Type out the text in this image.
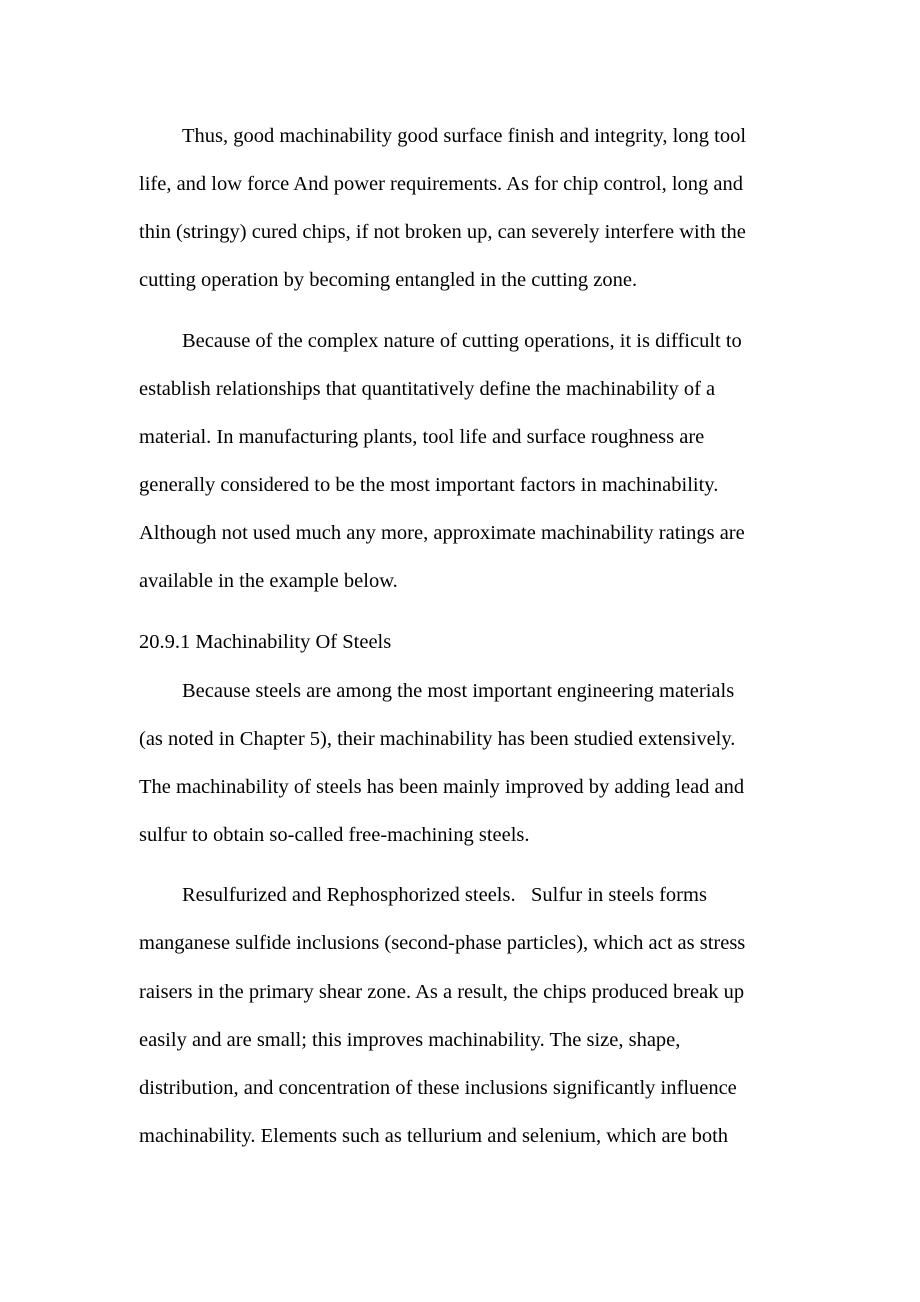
Thus, good machinability good surface finish and integrity, long tool

life, and low force And power requirements. As for chip control, long and

thin (stringy) cured chips, if not broken up, can severely interfere with the

cutting operation by becoming entangled in the cutting zone.

Because of the complex nature of cutting operations, it is difficult to

establish relationships that quantitatively define the machinability of a

material. In manufacturing plants, tool life and surface roughness are

generally considered to be the most important factors in machinability.

Although not used much any more, approximate machinability ratings are

available in the example below.

20.9.1 Machinability Of Steels

Because steels are among the most important engineering materials

(as noted in Chapter 5), their machinability has been studied extensively.

The machinability of steels has been mainly improved by adding lead and

sulfur to obtain so-called free-machining steels.

Resulfurized and Rephosphorized steels.   Sulfur in steels forms

manganese sulfide inclusions (second-phase particles), which act as stress

raisers in the primary shear zone. As a result, the chips produced break up

easily and are small; this improves machinability. The size, shape,

distribution, and concentration of these inclusions significantly influence

machinability. Elements such as tellurium and selenium, which are both
